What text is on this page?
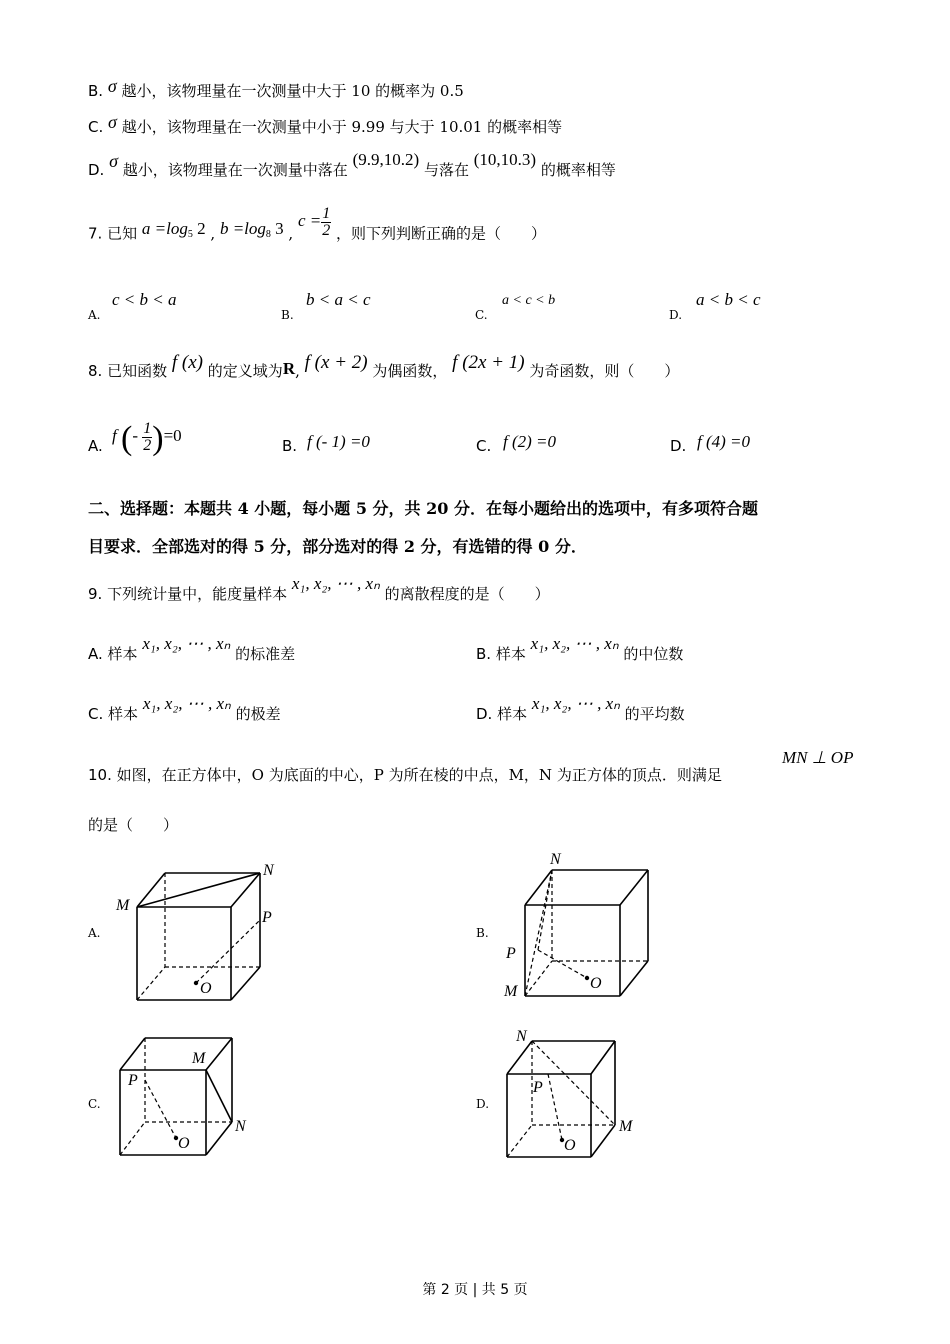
B. σ 越小，该物理量在一次测量中大于 10 的概率为 0.5
C. σ 越小，该物理量在一次测量中小于 9.99 与大于 10.01 的概率相等
D. σ 越小，该物理量在一次测量中落在 (9.9,10.2) 与落在 (10,10.3) 的概率相等
7. 已知 $a =\log_5$ 2 , $b =\log_8$ 3 , $c = \frac{1}{2}$ ，则下列判断正确的是（　　）
A.
c < b < a
B.
b < a < c
C.
a < c < b
D.
a < b < c
8. 已知函数 f (x) 的定义域为R, f (x + 2) 为偶函数， f (2x + 1) 为奇函数，则（　　）
A.
f (- $\frac{1}{2} )=0$
B. f (- 1) =0	C. f (2) =0	D. f (4) =0
二、选择题：本题共 4 小题，每小题 5 分，共 20 分．在每小题给出的选项中，有多项符合题
目要求．全部选对的得 5 分，部分选对的得 2 分，有选错的得 0 分．
9. 下列统计量中，能度量样本 x₁, x₂, ⋯ , xₙ 的离散程度的是（　　）
A. 样本 x₁, x₂, ⋯ , xₙ 的标准差	B. 样本 x₁, x₂, ⋯ , xₙ 的中位数
C. 样本 x₁, x₂, ⋯ , xₙ 的极差	D. 样本 x₁, x₂, ⋯ , xₙ 的平均数
10. 如图，在正方体中，O 为底面的中心，P 为所在棱的中点，M，N 为正方体的顶点．则满足
MN ⊥ OP
的是（　　）
A.
M
N
P
O
B.
N
P
M	O
C.
M
P
N
O
D.
N
P
M
O
第 2 页 | 共 5 页
